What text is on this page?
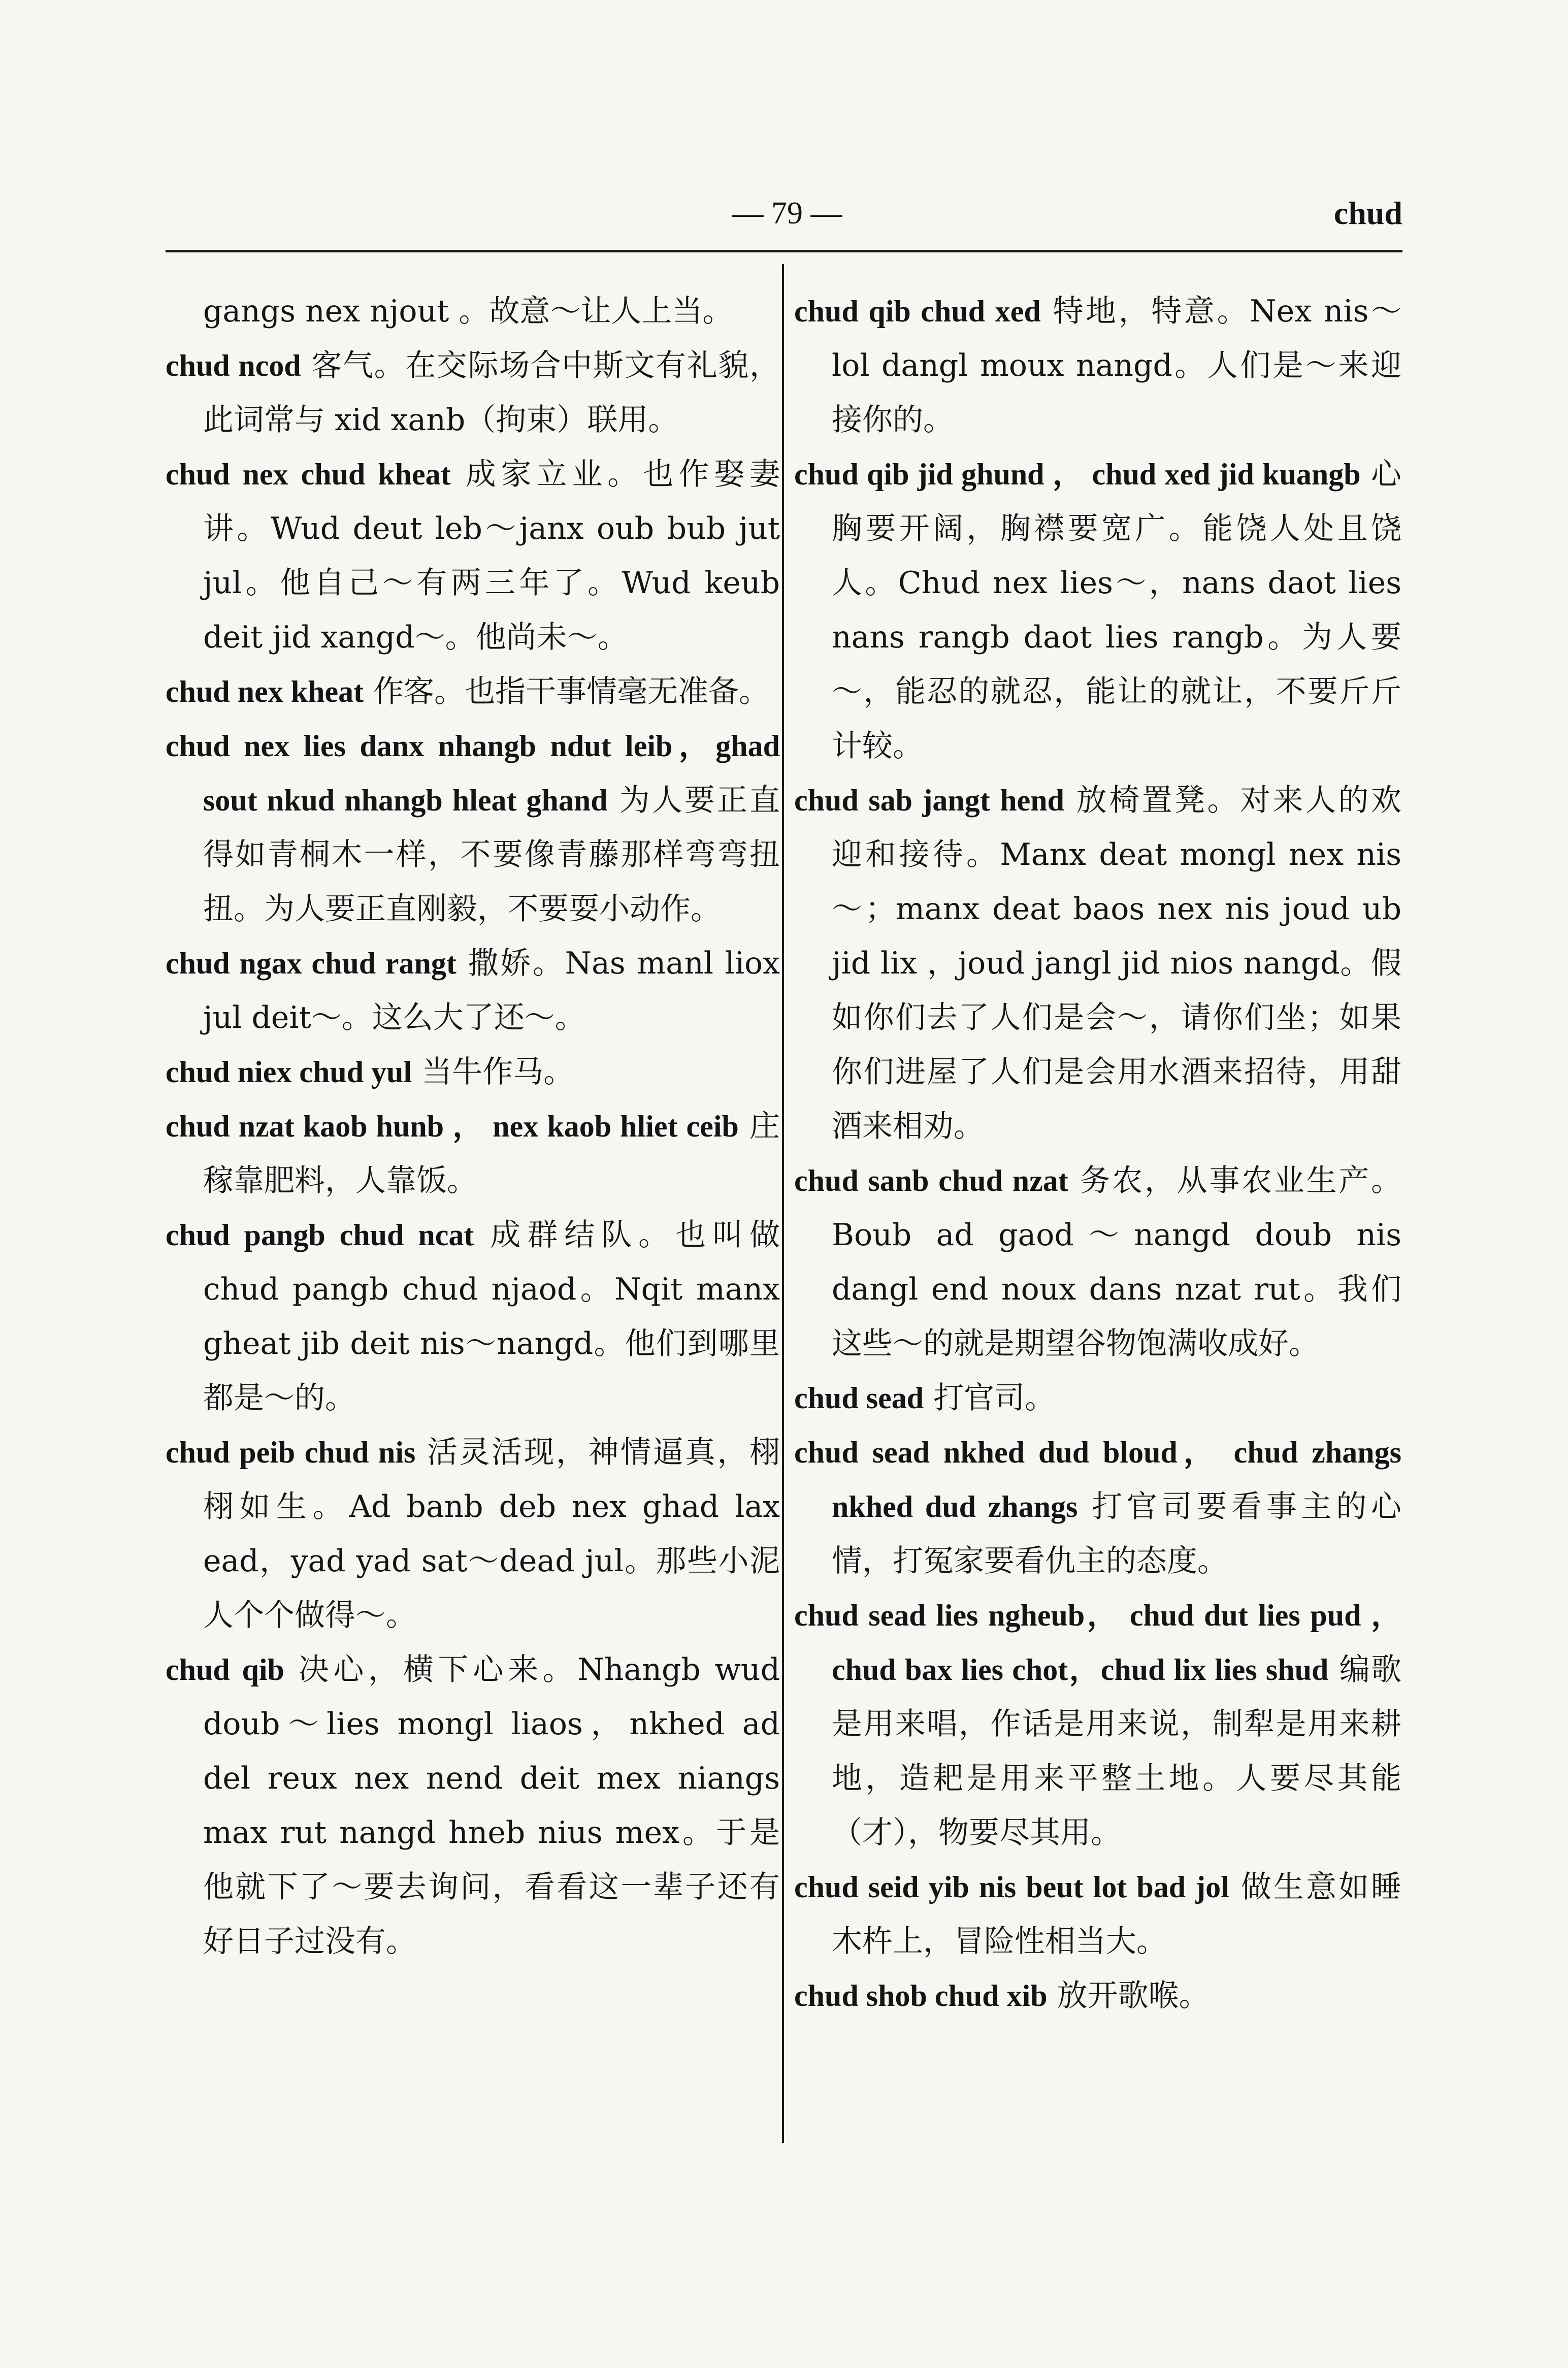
— 79 —	chud

gangs nex njout 。故意～让人上当。

chud ncod 客气。在交际场合中斯文有礼貌，此词常与 xid xanb（拘束）联用。

chud nex chud kheat 成家立业。也作娶妻讲。Wud deut leb～janx oub bub jut jul。他自己～有两三年了。Wud keub deit jid xangd～。他尚未～。

chud nex kheat 作客。也指干事情毫无准备。

chud nex lies danx nhangb ndut leib，ghad sout nkud nhangb hleat ghand 为人要正直得如青桐木一样，不要像青藤那样弯弯扭扭。为人要正直刚毅，不要耍小动作。

chud ngax chud rangt 撒娇。Nas manl liox jul deit～。这么大了还～。

chud niex chud yul 当牛作马。

chud nzat kaob hunb ， nex kaob hliet ceib 庄稼靠肥料，人靠饭。

chud pangb chud ncat 成群结队。也叫做 chud pangb chud njaod。Nqit manx gheat jib deit nis～nangd。他们到哪里都是～的。

chud peib chud nis 活灵活现，神情逼真，栩栩如生。Ad banb deb nex ghad lax ead，yad yad sat～dead jul。那些小泥人个个做得～。

chud qib 决心，横下心来。Nhangb wud doub～lies mongl liaos，nkhed ad del reux nex nend deit mex niangs max rut nangd hneb nius mex。于是他就下了～要去询问，看看这一辈子还有好日子过没有。

chud qib chud xed 特地，特意。Nex nis～lol dangl moux nangd。人们是～来迎接你的。

chud qib jid ghund ， chud xed jid kuangb 心胸要开阔，胸襟要宽广。能饶人处且饶人。Chud nex lies～，nans daot lies nans rangb daot lies rangb。为人要～，能忍的就忍，能让的就让，不要斤斤计较。

chud sab jangt hend 放椅置凳。对来人的欢迎和接待。Manx deat mongl nex nis～；manx deat baos nex nis joud ub jid lix ，joud jangl jid nios nangd。假如你们去了人们是会～，请你们坐；如果你们进屋了人们是会用水酒来招待，用甜酒来相劝。

chud sanb chud nzat 务农，从事农业生产。Boub ad gaod～nangd doub nis dangl end noux dans nzat rut。我们这些～的就是期望谷物饱满收成好。

chud sead 打官司。

chud sead nkhed dud bloud， chud zhangs nkhed dud zhangs 打官司要看事主的心情，打冤家要看仇主的态度。

chud sead lies ngheub， chud dut lies pud ，chud bax lies chot，chud lix lies shud 编歌是用来唱，作话是用来说，制犁是用来耕地，造耙是用来平整土地。人要尽其能（才），物要尽其用。

chud seid yib nis beut lot bad jol 做生意如睡木杵上，冒险性相当大。

chud shob chud xib 放开歌喉。
